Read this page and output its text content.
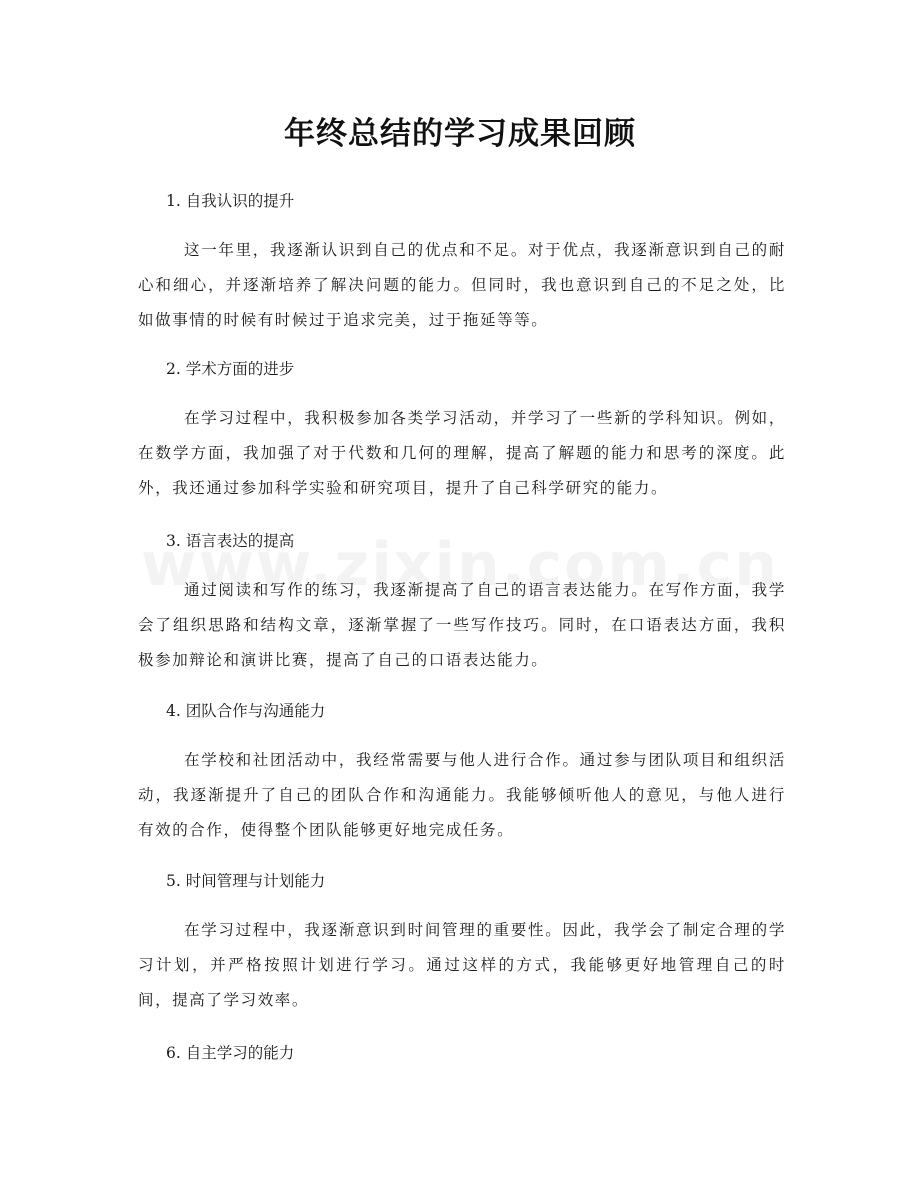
年终总结的学习成果回顾

1. 自我认识的提升

这一年里，我逐渐认识到自己的优点和不足。对于优点，我逐渐意识到自己的耐心和细心，并逐渐培养了解决问题的能力。但同时，我也意识到自己的不足之处，比如做事情的时候有时候过于追求完美，过于拖延等等。

2. 学术方面的进步

在学习过程中，我积极参加各类学习活动，并学习了一些新的学科知识。例如，在数学方面，我加强了对于代数和几何的理解，提高了解题的能力和思考的深度。此外，我还通过参加科学实验和研究项目，提升了自己科学研究的能力。

3. 语言表达的提高

通过阅读和写作的练习，我逐渐提高了自己的语言表达能力。在写作方面，我学会了组织思路和结构文章，逐渐掌握了一些写作技巧。同时，在口语表达方面，我积极参加辩论和演讲比赛，提高了自己的口语表达能力。

4. 团队合作与沟通能力

在学校和社团活动中，我经常需要与他人进行合作。通过参与团队项目和组织活动，我逐渐提升了自己的团队合作和沟通能力。我能够倾听他人的意见，与他人进行有效的合作，使得整个团队能够更好地完成任务。

5. 时间管理与计划能力

在学习过程中，我逐渐意识到时间管理的重要性。因此，我学会了制定合理的学习计划，并严格按照计划进行学习。通过这样的方式，我能够更好地管理自己的时间，提高了学习效率。

6. 自主学习的能力
